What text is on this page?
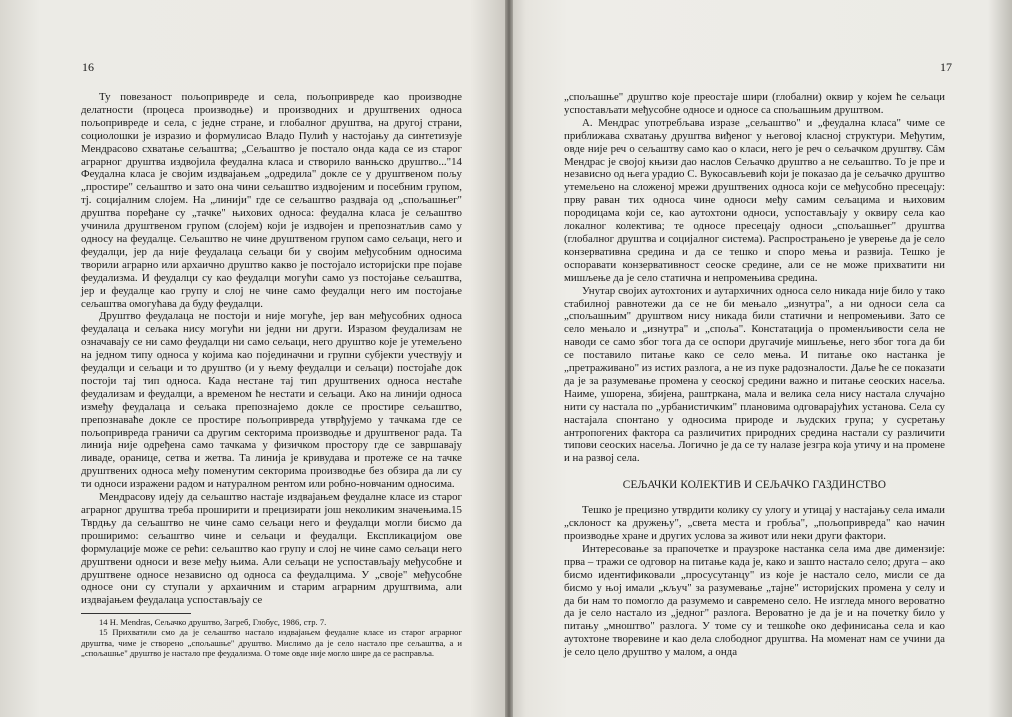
16

Ту повезаност пољопривреде и села, пољопривреде као производне делатности (процеса производње) и производних и друштвених односа пољопривреде и села, с једне стране, и глобалног друштва, на другој страни, социолошки је изразио и формулисао Владо Пулић у настојању да синтетизује Мендрасово схватање сељаштва; „Сељаштво је постало онда када се из старог аграрног друштва издвојила феудална класа и створило ванњско друштво..."14 Феудална класа је својим издвајањем „одредила" докле се у друштвеном пољу „простире" сељаштво и зато она чини сељаштво издвојеним и посебним групом, тј. социјалним слојем. На „линији" где се сељаштво раздваја од „спољашњег" друштва поређане су „тачке" њихових односа: феудална класа је сељаштво учинила друштвеном групом (слојем) који је издвојен и препознатљив само у односу на феудалце. Сељаштво не чине друштвеном групом само сељаци, него и феудалци, јер да није феудалаца сељаци би у својим међусобним односима творили аграрно или архаично друштво какво је постојало историјски пре појаве феудализма. И феудалци су као феудалци могући само уз постојање сељаштва, јер и феудалце као групу и слој не чине само феудалци него им постојање сељаштва омогућава да буду феудалци.

Друштво феудалаца не постоји и није могуће, јер ван међусобних односа феудалаца и сељака нису могући ни једни ни други. Изразом феудализам не означавају се ни само феудалци ни само сељаци, него друштво које је утемељено на једном типу односа у којима као појединачни и групни субјекти учествују и феудалци и сељаци и то друштво (и у њему феудалци и сељаци) постојаће док постоји тај тип односа. Када нестане тај тип друштвених односа нестаће феудализам и феудалци, а временом ће нестати и сељаци. Ако на линији односа између феудалаца и сељака препознајемо докле се простире сељаштво, препознаваће докле се простире пољопривреда утврђујемо у тачкама где се пољопривреда граничи са другим секторима производње и друштвеног рада. Та линија није одређена само тачкама у физичком простору где се завршавају ливаде, оранице, сетва и жетва. Та линија је кривудава и протеже се на тачке друштвених односа међу поменутим секторима производње без обзира да ли су ти односи изражени радом и натуралном рентом или робно-новчаним односима.

Мендрасову идеју да сељаштво настаје издвајањем феудалне класе из старог аграрног друштва треба проширити и прецизирати још неколиким значењима.15 Тврдњу да сељаштво не чине само сељаци него и феудалци могли бисмо да проширимо: сељаштво чине и сељаци и феудалци. Експликацијом ове формулације може се рећи: сељаштво као групу и слој не чине само сељаци него друштвени односи и везе међу њима. Али сељаци не успостављају међусобне и друштвене односе независно од односа са феудалцима. У „своје" међусобне односе они су ступали у архаичним и старим аграрним друштвима, али издвајањем феудалаца успостављају се

14 Н. Mendras, Сељачко друштво, Загреб, Глобус, 1986, стр. 7.

15 Прихватили смо да је сељаштво настало издвајањем феудалне класе из старог аграрног друштва, чиме је створено „спољашње" друштво. Мислимо да је село настало пре сељаштва, а и „спољашње" друштво је настало пре феудализма. О томе овде није могло шире да се расправља.

17

„спољашње" друштво које преостаје шири (глобални) оквир у којем ће сељаци успостављати међусобне односе и односе са спољашњим друштвом.

А. Мендрас употребљава изразе „сељаштво" и „феудална класа" чиме се приближава схватању друштва виђеног у његовој класној структури. Међутим, овде није реч о сељаштву само као о класи, него је реч о сељачком друштву. Сâм Мендрас је својој књизи дао наслов Сељачко друштво а не сељаштво. То је пре и независно од њега урадио С. Вукосављевић који је показао да је сељачко друштво утемељено на сложеној мрежи друштвених односа који се међусобно пресецају: прву раван тих односа чине односи међу самим сељацима и њиховим породицама који се, као аутохтони односи, успостављају у оквиру села као локалног колектива; те односе пресецају односи „спољашњег" друштва (глобалног друштва и социјалног система). Распрострањено је уверење да је село конзервативна средина и да се тешко и споро мења и развија. Тешко је оспоравати конзервативност сеоске средине, али се не може прихватити ни мишљење да је село статична и непромењива средина.

Унутар својих аутохтоних и аутархичних односа село никада није било у тако стабилној равнотежи да се не би мењало „изнутра", а ни односи села са „спољашњим" друштвом нису никада били статични и непромењиви. Зато се село мењало и „изнутра" и „споља". Констатација о променљивости села не наводи се само због тога да се оспори другачије мишљење, него због тога да би се поставило питање како се село мења. И питање око настанка је „претраживано" из истих разлога, а не из пуке радозналости. Даље ће се показати да је за разумевање промена у сеоској средини важно и питање сеоских насеља. Наиме, ушорена, збијена, раштркана, мала и велика села нису настала случајно нити су настала по „урбанистичким" плановима одговарајућих установа. Села су настајала спонтано у односима природе и људских група; у сусретању антропогених фактора са различитих природних средина настали су различити типови сеоских насеља. Логично је да се ту налазе језгра која утичу и на промене и на развој села.

СЕЉАЧКИ КОЛЕКТИВ И СЕЉАЧКО ГАЗДИНСТВО

Тешко је прецизно утврдити колику су улогу и утицај у настајању села имали „склоност ка дружењу", „света места и гробља", „пољопривреда" као начин производње хране и других услова за живот или неки други фактори.

Интересовање за прапочетке и праузроке настанка села има две димензије: прва – тражи се одговор на питање када је, како и зашто настало село; друга – ако бисмо идентификовали „просусутанцу" из које је настало село, мисли се да бисмо у њој имали „кључ" за разумевање „тајне" историјских промена у селу и да би нам то помогло да разумемо и савремено село. Не изгледа много вероватно да је село настало из „једног" разлога. Вероватно је да је и на почетку било у питању „мноштво" разлога. У томе су и тешкоће око дефинисања села и као аутохтоне творевине и као дела слободног друштва. На моменат нам се учини да је село цело друштво у малом, а онда
